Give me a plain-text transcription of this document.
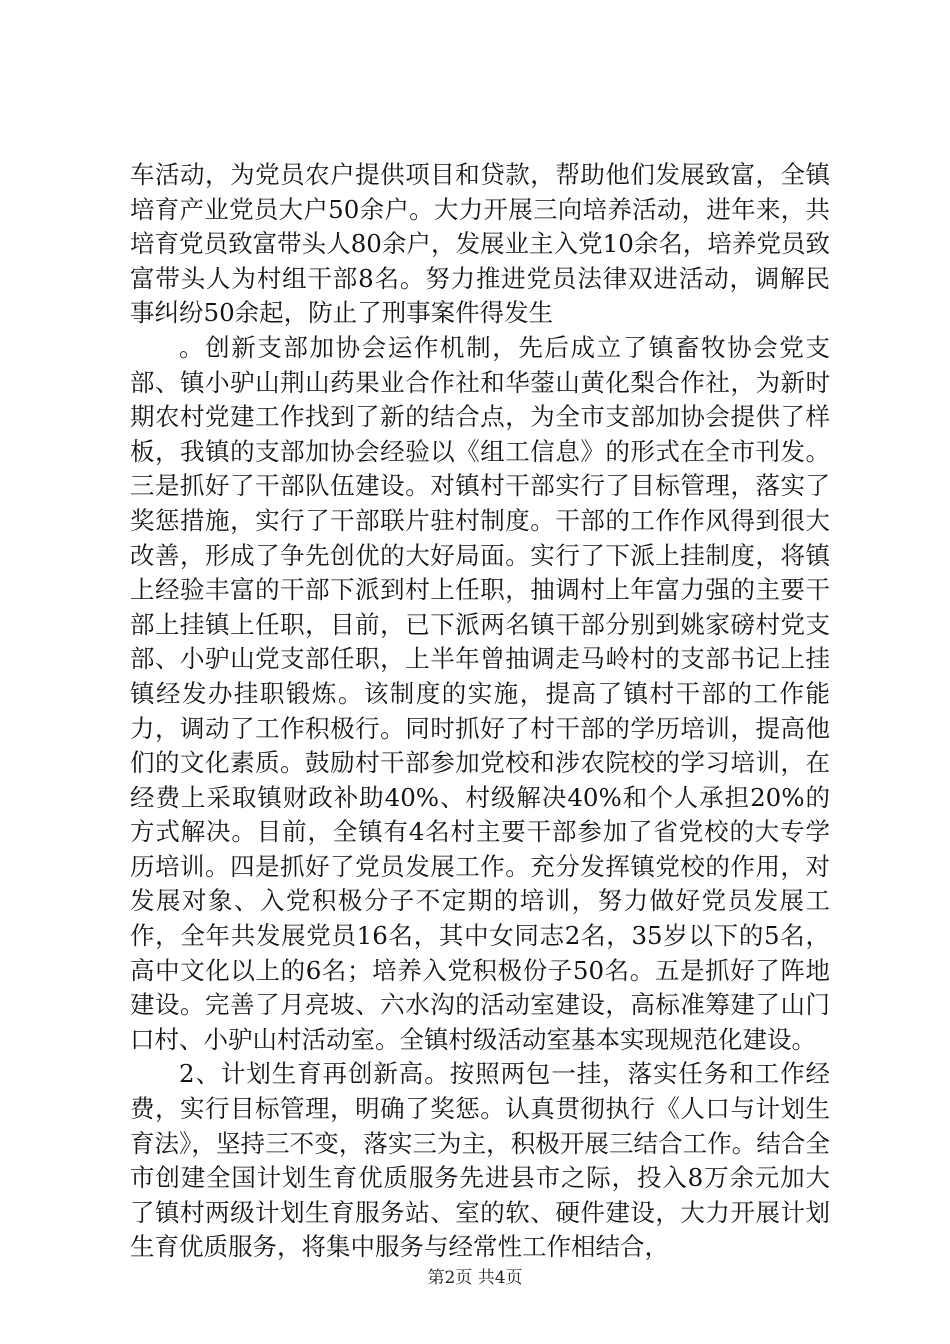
车活动，为党员农户提供项目和贷款，帮助他们发展致富，全镇培育产业党员大户50余户。大力开展三向培养活动，进年来，共培育党员致富带头人80余户，发展业主入党10余名，培养党员致富带头人为村组干部8名。努力推进党员法律双进活动，调解民事纠纷50余起，防止了刑事案件得发生

。创新支部加协会运作机制，先后成立了镇畜牧协会党支部、镇小驴山荆山药果业合作社和华蓥山黄化梨合作社，为新时期农村党建工作找到了新的结合点，为全市支部加协会提供了样板，我镇的支部加协会经验以《组工信息》的形式在全市刊发。三是抓好了干部队伍建设。对镇村干部实行了目标管理，落实了奖惩措施，实行了干部联片驻村制度。干部的工作作风得到很大改善，形成了争先创优的大好局面。实行了下派上挂制度，将镇上经验丰富的干部下派到村上任职，抽调村上年富力强的主要干部上挂镇上任职，目前，已下派两名镇干部分别到姚家磅村党支部、小驴山党支部任职，上半年曾抽调走马岭村的支部书记上挂镇经发办挂职锻炼。该制度的实施，提高了镇村干部的工作能力，调动了工作积极行。同时抓好了村干部的学历培训，提高他们的文化素质。鼓励村干部参加党校和涉农院校的学习培训，在经费上采取镇财政补助40%、村级解决40%和个人承担20%的方式解决。目前，全镇有4名村主要干部参加了省党校的大专学历培训。四是抓好了党员发展工作。充分发挥镇党校的作用，对发展对象、入党积极分子不定期的培训，努力做好党员发展工作，全年共发展党员16名，其中女同志2名，35岁以下的5名，高中文化以上的6名；培养入党积极份子50名。五是抓好了阵地建设。完善了月亮坡、六水沟的活动室建设，高标准筹建了山门口村、小驴山村活动室。全镇村级活动室基本实现规范化建设。

2、计划生育再创新高。按照两包一挂，落实任务和工作经费，实行目标管理，明确了奖惩。认真贯彻执行《人口与计划生育法》，坚持三不变，落实三为主，积极开展三结合工作。结合全市创建全国计划生育优质服务先进县市之际，投入8万余元加大了镇村两级计划生育服务站、室的软、硬件建设，大力开展计划生育优质服务，将集中服务与经常性工作相结合，

第2页 共4页
